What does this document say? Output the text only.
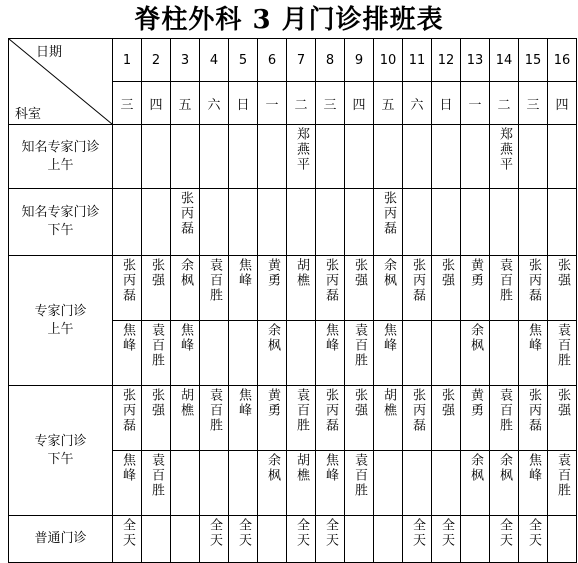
脊柱外科 3 月门诊排班表
日期
科室	1	2	3	4	5	6	7	8	9	10	11	12	13	14	15	16
	三	四	五	六	日	一	二	三	四	五	六	日	一	二	三	四
知名专家门诊
上午							郑燕平							郑燕平		
知名专家门诊
下午			张丙磊							张丙磊						
专家门诊
上午	张丙磊	张强	余枫	袁百胜	焦峰	黄勇	胡樵	张丙磊	张强	余枫	张丙磊	张强	黄勇	袁百胜	张丙磊	张强
	焦峰	袁百胜	焦峰			余枫		焦峰	袁百胜	焦峰			余枫		焦峰	袁百胜
专家门诊
下午	张丙磊	张强	胡樵	袁百胜	焦峰	黄勇	袁百胜	张丙磊	张强	胡樵	张丙磊	张强	黄勇	袁百胜	张丙磊	张强
	焦峰	袁百胜				余枫	胡樵	焦峰	袁百胜				余枫	余枫	焦峰	袁百胜
普通门诊	全天			全天	全天		全天	全天			全天	全天		全天	全天	
